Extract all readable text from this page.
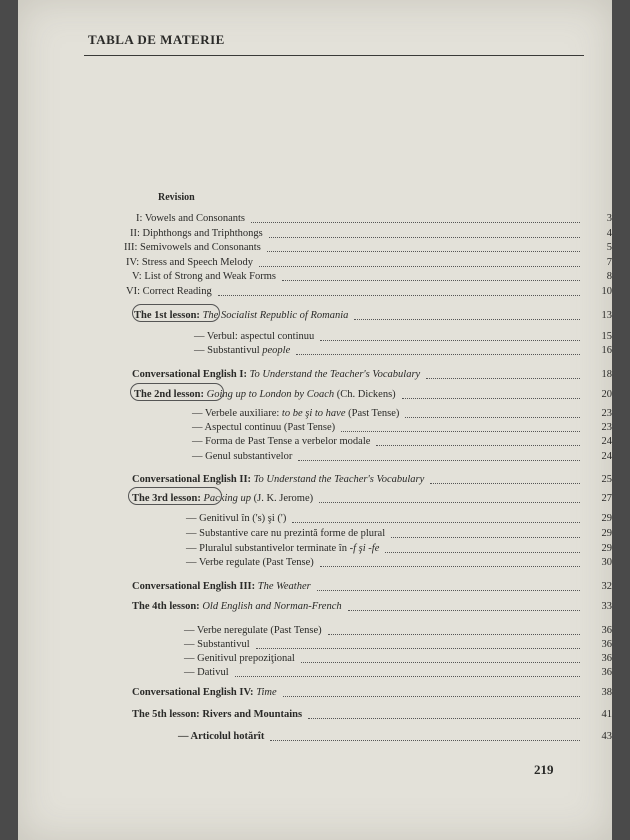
TABLA DE MATERIE
Revision
I: Vowels and Consonants	3
II: Diphthongs and Triphthongs	4
III: Semivowels and Consonants	5
IV: Stress and Speech Melody	7
V: List of Strong and Weak Forms	8
VI: Correct Reading	10
The 1st lesson: The Socialist Republic of Romania	13
— Verbul: aspectul continuu	15
— Substantivul people	16
Conversational English I: To Understand the Teacher's Vocabulary	18
The 2nd lesson: Going up to London by Coach (Ch. Dickens)	20
— Verbele auxiliare: to be şi to have (Past Tense)	23
— Aspectul continuu (Past Tense)	23
— Forma de Past Tense a verbelor modale	24
— Genul substantivelor	24
Conversational English II: To Understand the Teacher's Vocabulary	25
The 3rd lesson: Packing up (J. K. Jerome)	27
— Genitivul în ('s) şi (')	29
— Substantive care nu prezintă forme de plural	29
— Pluralul substantivelor terminate în -f şi -fe	29
— Verbe regulate (Past Tense)	30
Conversational English III: The Weather	32
The 4th lesson: Old English and Norman-French	33
— Verbe neregulate (Past Tense)	36
— Substantivul	36
— Genitivul prepoziţional	36
— Dativul	36
Conversational English IV: Time	38
The 5th lesson: Rivers and Mountains	41
— Articolul hotărît	43
219
